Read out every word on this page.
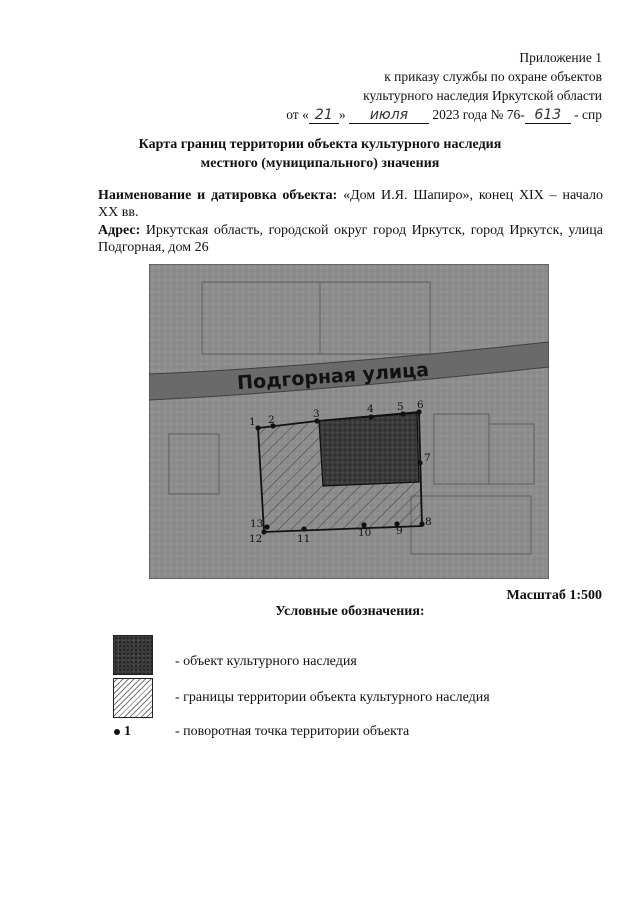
Приложение 1
к приказу службы по охране объектов
культурного наследия Иркутской области
от « 21 » июля 2023 года № 76- 613 - спр
Карта границ территории объекта культурного наследия
местного (муниципального) значения
Наименование и датировка объекта: «Дом И.Я. Шапиро», конец XIX – начало XX вв.
Адрес: Иркутская область, городской округ город Иркутск, город Иркутск, улица Подгорная, дом 26
Подгорная улица
1 2	3	4 5 6
7
8
9
10
11
12
13
Масштаб 1:500
Условные обозначения:
- объект культурного наследия
- границы территории объекта культурного наследия
1	- поворотная точка территории объекта
